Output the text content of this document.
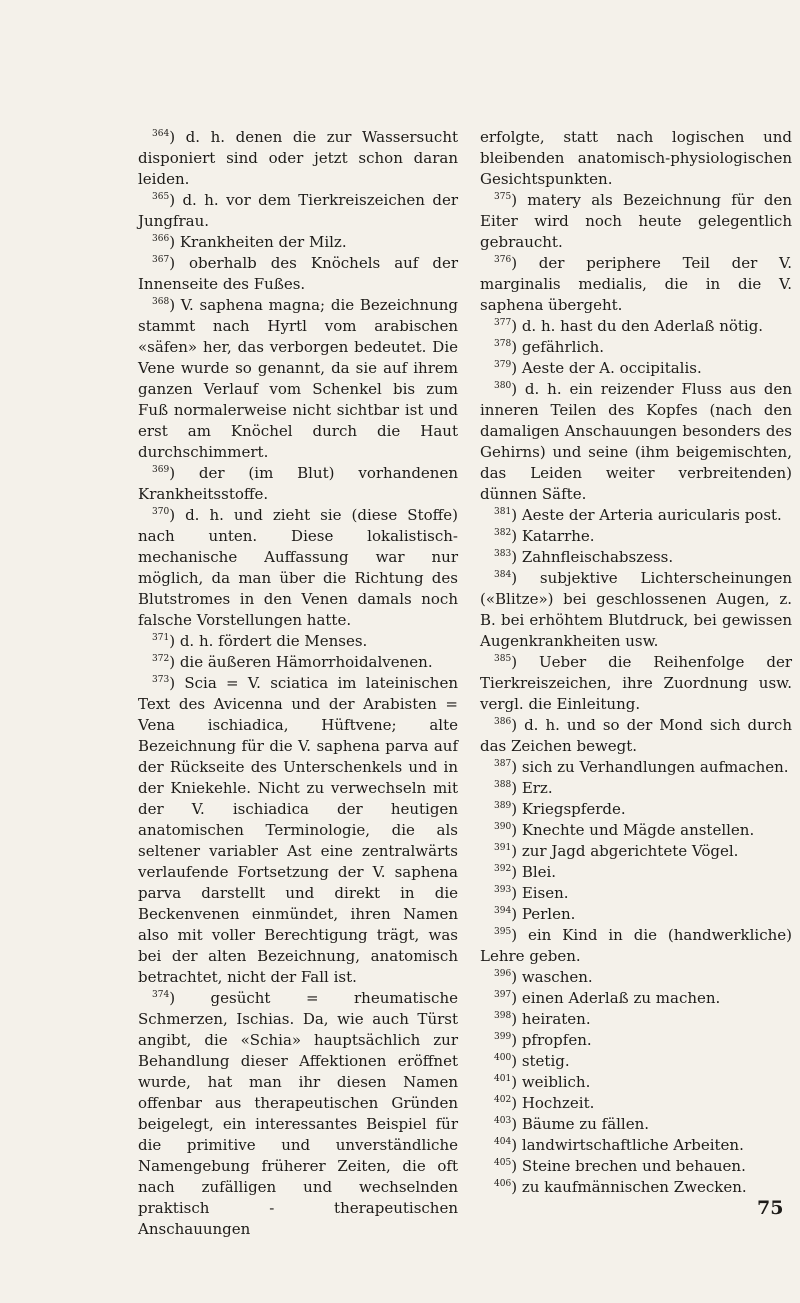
$^{364}$) d. h. denen die zur Wassersucht disponiert sind oder jetzt schon daran leiden.

$^{365}$) d. h. vor dem Tierkreiszeichen der Jungfrau.

$^{366}$) Krankheiten der Milz.

$^{367}$) oberhalb des Knöchels auf der Innenseite des Fußes.

$^{368}$) V. saphena magna; die Bezeichnung stammt nach Hyrtl vom arabischen «säfen» her, das verborgen bedeutet. Die Vene wurde so genannt, da sie auf ihrem ganzen Verlauf vom Schenkel bis zum Fuß normalerweise nicht sichtbar ist und erst am Knöchel durch die Haut durchschimmert.

$^{369}$) der (im Blut) vorhandenen Krankheitsstoffe.

$^{370}$) d. h. und zieht sie (diese Stoffe) nach unten. Diese lokalistisch-mechanische Auffassung war nur möglich, da man über die Richtung des Blutstromes in den Venen damals noch falsche Vorstellungen hatte.

$^{371}$) d. h. fördert die Menses.

$^{372}$) die äußeren Hämorrhoidalvenen.

$^{373}$) Scia = V. sciatica im lateinischen Text des Avicenna und der Arabisten = Vena ischiadica, Hüftvene; alte Bezeichnung für die V. saphena parva auf der Rückseite des Unterschenkels und in der Kniekehle. Nicht zu verwechseln mit der V. ischiadica der heutigen anatomischen Terminologie, die als seltener variabler Ast eine zentralwärts verlaufende Fortsetzung der V. saphena parva darstellt und direkt in die Beckenvenen einmündet, ihren Namen also mit voller Berechtigung trägt, was bei der alten Bezeichnung, anatomisch betrachtet, nicht der Fall ist.

$^{374}$) gesücht = rheumatische Schmerzen, Ischias. Da, wie auch Türst angibt, die «Schia» hauptsächlich zur Behandlung dieser Affektionen eröffnet wurde, hat man ihr diesen Namen offenbar aus therapeutischen Gründen beigelegt, ein interessantes Beispiel für die primitive und unverständliche Namengebung früherer Zeiten, die oft nach zufälligen und wechselnden praktisch - therapeutischen Anschauungen

erfolgte, statt nach logischen und bleibenden anatomisch-physiologischen Gesichtspunkten.

$^{375}$) matery als Bezeichnung für den Eiter wird noch heute gelegentlich gebraucht.

$^{376}$) der periphere Teil der V. marginalis medialis, die in die V. saphena übergeht.

$^{377}$) d. h. hast du den Aderlaß nötig.

$^{378}$) gefährlich.

$^{379}$) Aeste der A. occipitalis.

$^{380}$) d. h. ein reizender Fluss aus den inneren Teilen des Kopfes (nach den damaligen Anschauungen besonders des Gehirns) und seine (ihm beigemischten, das Leiden weiter verbreitenden) dünnen Säfte.

$^{381}$) Aeste der Arteria auricularis post.

$^{382}$) Katarrhe.

$^{383}$) Zahnfleischabszess.

$^{384}$) subjektive Lichterscheinungen («Blitze») bei geschlossenen Augen, z. B. bei erhöhtem Blutdruck, bei gewissen Augenkrankheiten usw.

$^{385}$) Ueber die Reihenfolge der Tierkreiszeichen, ihre Zuordnung usw. vergl. die Einleitung.

$^{386}$) d. h. und so der Mond sich durch das Zeichen bewegt.

$^{387}$) sich zu Verhandlungen aufmachen.

$^{388}$) Erz.

$^{389}$) Kriegspferde.

$^{390}$) Knechte und Mägde anstellen.

$^{391}$) zur Jagd abgerichtete Vögel.

$^{392}$) Blei.

$^{393}$) Eisen.

$^{394}$) Perlen.

$^{395}$) ein Kind in die (handwerkliche) Lehre geben.

$^{396}$) waschen.

$^{397}$) einen Aderlaß zu machen.

$^{398}$) heiraten.

$^{399}$) pfropfen.

$^{400}$) stetig.

$^{401}$) weiblich.

$^{402}$) Hochzeit.

$^{403}$) Bäume zu fällen.

$^{404}$) landwirtschaftliche Arbeiten.

$^{405}$) Steine brechen und behauen.

$^{406}$) zu kaufmännischen Zwecken.

75
